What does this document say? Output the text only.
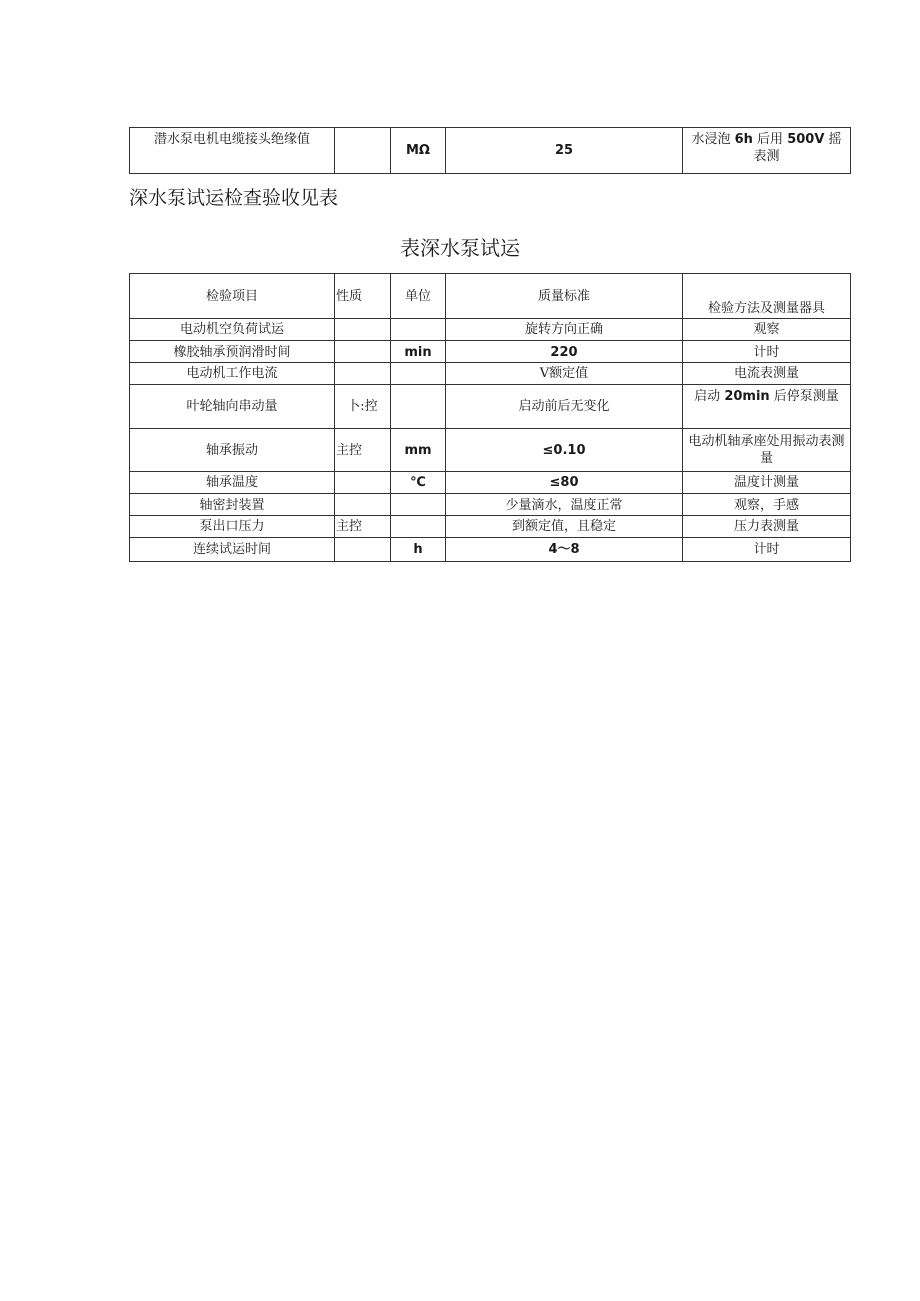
潜水泵电机电缆接头绝缘值		MΩ	25	水浸泡 6h 后用 500V 摇表测
深水泵试运检查验收见表
表深水泵试运
检验项目	性质	单位	质量标准	检验方法及测量器具
电动机空负荷试运			旋转方向正确	观察
橡胶轴承预润滑时间		min	220	计时
电动机工作电流			V额定值	电流表测量
叶轮轴向串动量	卜:控		启动前后无变化	启动 20min 后停泵测量
轴承振动	主控	mm	≤0.10	电动机轴承座处用振动表测量
轴承温度		℃	≤80	温度计测量
轴密封装置			少量滴水，温度正常	观察，手感
泵出口压力	主控		到额定值，且稳定	压力表测量
连续试运时间		h	4～8	计时
